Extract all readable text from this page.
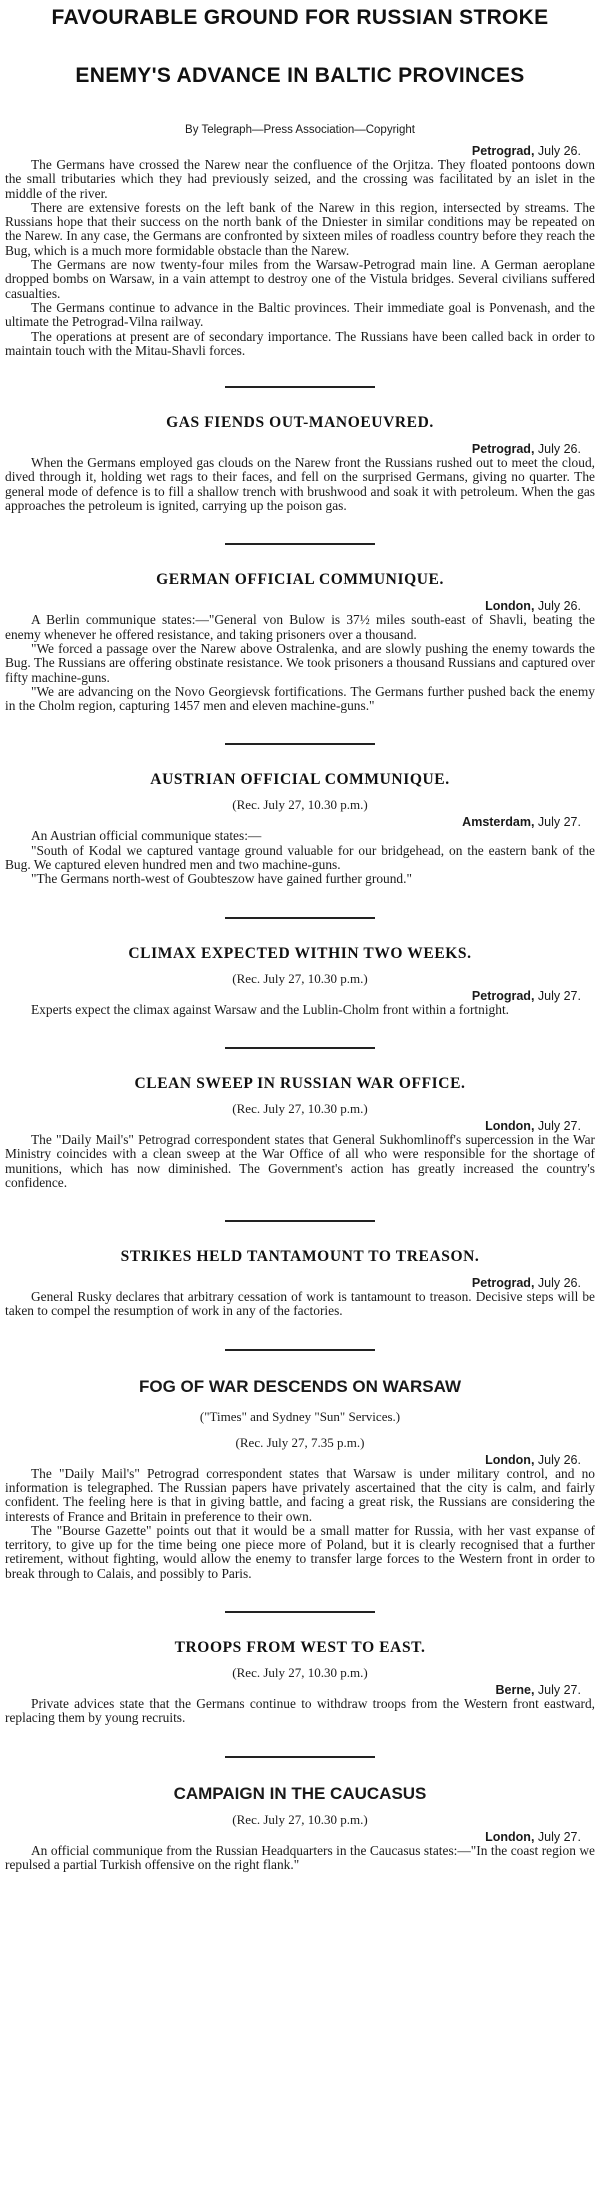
FAVOURABLE GROUND FOR RUSSIAN STROKE
ENEMY'S ADVANCE IN BALTIC PROVINCES
By Telegraph—Press Association—Copyright

Petrograd, July 26.

The Germans have crossed the Narew near the confluence of the Orjitza. They floated pontoons down the small tributaries which they had previously seized, and the crossing was facilitated by an islet in the middle of the river.

There are extensive forests on the left bank of the Narew in this region, intersected by streams. The Russians hope that their success on the north bank of the Dniester in similar conditions may be repeated on the Narew. In any case, the Germans are confronted by sixteen miles of roadless country before they reach the Bug, which is a much more formidable obstacle than the Narew.

The Germans are now twenty-four miles from the Warsaw-Petrograd main line. A German aeroplane dropped bombs on Warsaw, in a vain attempt to destroy one of the Vistula bridges. Several civilians suffered casualties.

The Germans continue to advance in the Baltic provinces. Their immediate goal is Ponvenash, and the ultimate the Petrograd-Vilna railway.

The operations at present are of secondary importance. The Russians have been called back in order to maintain touch with the Mitau-Shavli forces.

GAS FIENDS OUT-MANOEUVRED.

Petrograd, July 26.

When the Germans employed gas clouds on the Narew front the Russians rushed out to meet the cloud, dived through it, holding wet rags to their faces, and fell on the surprised Germans, giving no quarter. The general mode of defence is to fill a shallow trench with brushwood and soak it with petroleum. When the gas approaches the petroleum is ignited, carrying up the poison gas.

GERMAN OFFICIAL COMMUNIQUE.

London, July 26.

A Berlin communique states:—"General von Bulow is 37½ miles south-east of Shavli, beating the enemy whenever he offered resistance, and taking prisoners over a thousand.

"We forced a passage over the Narew above Ostralenka, and are slowly pushing the enemy towards the Bug. The Russians are offering obstinate resistance. We took prisoners a thousand Russians and captured over fifty machine-guns.

"We are advancing on the Novo Georgievsk fortifications. The Germans further pushed back the enemy in the Cholm region, capturing 1457 men and eleven machine-guns."

AUSTRIAN OFFICIAL COMMUNIQUE.

(Rec. July 27, 10.30 p.m.)

Amsterdam, July 27.

An Austrian official communique states:—

"South of Kodal we captured vantage ground valuable for our bridgehead, on the eastern bank of the Bug. We captured eleven hundred men and two machine-guns.

"The Germans north-west of Goubteszow have gained further ground."

CLIMAX EXPECTED WITHIN TWO WEEKS.

(Rec. July 27, 10.30 p.m.)

Petrograd, July 27.

Experts expect the climax against Warsaw and the Lublin-Cholm front within a fortnight.

CLEAN SWEEP IN RUSSIAN WAR OFFICE.

(Rec. July 27, 10.30 p.m.)

London, July 27.

The "Daily Mail's" Petrograd correspondent states that General Sukhomlinoff's supercession in the War Ministry coincides with a clean sweep at the War Office of all who were responsible for the shortage of munitions, which has now diminished. The Government's action has greatly increased the country's confidence.

STRIKES HELD TANTAMOUNT TO TREASON.

Petrograd, July 26.

General Rusky declares that arbitrary cessation of work is tantamount to treason. Decisive steps will be taken to compel the resumption of work in any of the factories.

FOG OF WAR DESCENDS ON WARSAW

("Times" and Sydney "Sun" Services.)

(Rec. July 27, 7.35 p.m.)

London, July 26.

The "Daily Mail's" Petrograd correspondent states that Warsaw is under military control, and no information is telegraphed. The Russian papers have privately ascertained that the city is calm, and fairly confident. The feeling here is that in giving battle, and facing a great risk, the Russians are considering the interests of France and Britain in preference to their own.

The "Bourse Gazette" points out that it would be a small matter for Russia, with her vast expanse of territory, to give up for the time being one piece more of Poland, but it is clearly recognised that a further retirement, without fighting, would allow the enemy to transfer large forces to the Western front in order to break through to Calais, and possibly to Paris.

TROOPS FROM WEST TO EAST.

(Rec. July 27, 10.30 p.m.)

Berne, July 27.

Private advices state that the Germans continue to withdraw troops from the Western front eastward, replacing them by young recruits.

CAMPAIGN IN THE CAUCASUS

(Rec. July 27, 10.30 p.m.)

London, July 27.

An official communique from the Russian Headquarters in the Caucasus states:—"In the coast region we repulsed a partial Turkish offensive on the right flank."
